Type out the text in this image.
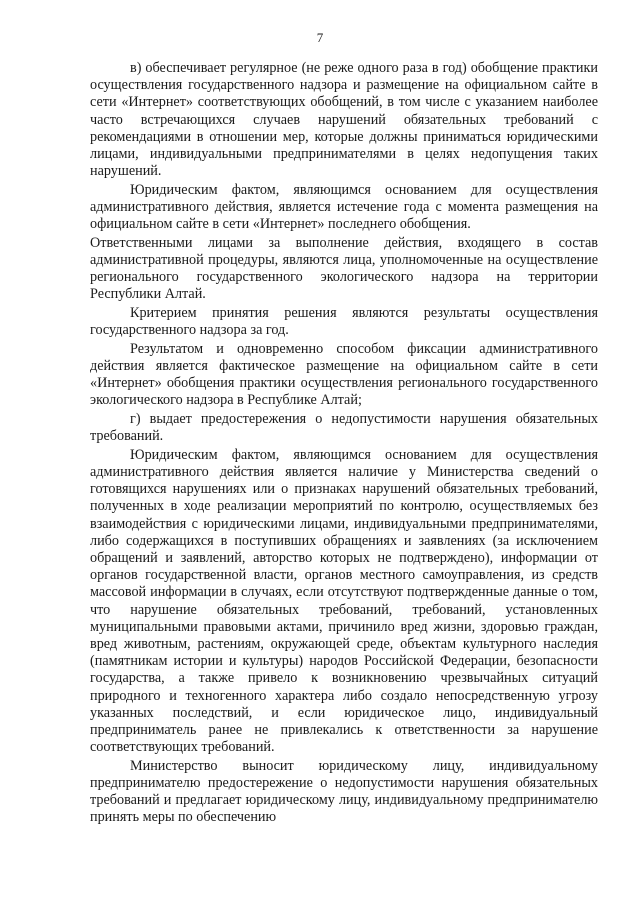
7

в) обеспечивает регулярное (не реже одного раза в год) обобщение практики осуществления государственного надзора и размещение на официальном сайте в сети «Интернет» соответствующих обобщений, в том числе с указанием наиболее часто встречающихся случаев нарушений обязательных требований с рекомендациями в отношении мер, которые должны приниматься юридическими лицами, индивидуальными предпринимателями в целях недопущения таких нарушений.

Юридическим фактом, являющимся основанием для осуществления административного действия, является истечение года с момента размещения на официальном сайте в сети «Интернет» последнего обобщения.

Ответственными лицами за выполнение действия, входящего в состав административной процедуры, являются лица, уполномоченные на осуществление регионального государственного экологического надзора на территории Республики Алтай.

Критерием принятия решения являются результаты осуществления государственного надзора за год.

Результатом и одновременно способом фиксации административного действия является фактическое размещение на официальном сайте в сети «Интернет» обобщения практики осуществления регионального государственного экологического надзора в Республике Алтай;

г) выдает предостережения о недопустимости нарушения обязательных требований.

Юридическим фактом, являющимся основанием для осуществления административного действия является наличие у Министерства сведений о готовящихся нарушениях или о признаках нарушений обязательных требований, полученных в ходе реализации мероприятий по контролю, осуществляемых без взаимодействия с юридическими лицами, индивидуальными предпринимателями, либо содержащихся в поступивших обращениях и заявлениях (за исключением обращений и заявлений, авторство которых не подтверждено), информации от органов государственной власти, органов местного самоуправления, из средств массовой информации в случаях, если отсутствуют подтвержденные данные о том, что нарушение обязательных требований, требований, установленных муниципальными правовыми актами, причинило вред жизни, здоровью граждан, вред животным, растениям, окружающей среде, объектам культурного наследия (памятникам истории и культуры) народов Российской Федерации, безопасности государства, а также привело к возникновению чрезвычайных ситуаций природного и техногенного характера либо создало непосредственную угрозу указанных последствий, и если юридическое лицо, индивидуальный предприниматель ранее не привлекались к ответственности за нарушение соответствующих требований.

Министерство выносит юридическому лицу, индивидуальному предпринимателю предостережение о недопустимости нарушения обязательных требований и предлагает юридическому лицу, индивидуальному предпринимателю принять меры по обеспечению
